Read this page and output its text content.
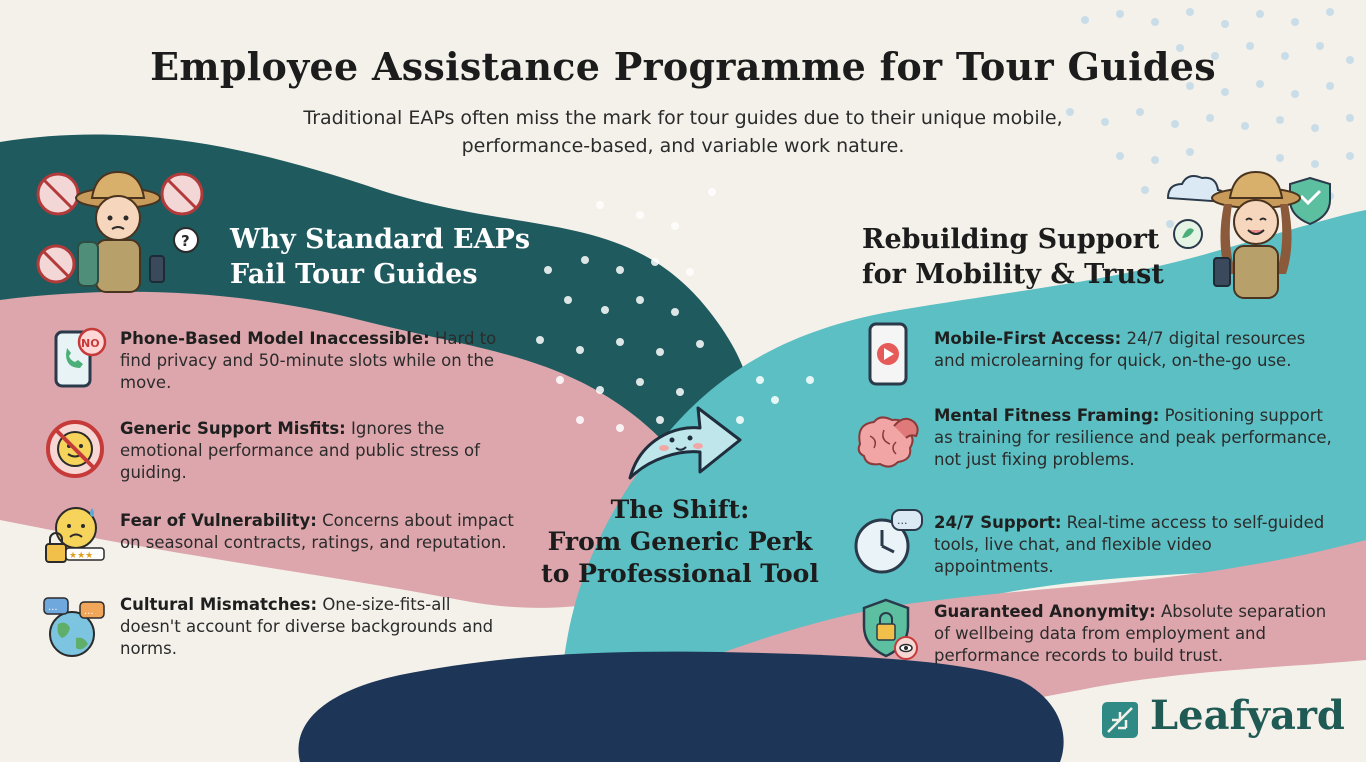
Employee Assistance Programme for Tour Guides

Traditional EAPs often miss the mark for tour guides due to their unique mobile, performance-based, and variable work nature.

? Why Standard EAPs
Fail Tour Guides
NO Phone-Based Model Inaccessible: Hard to find privacy and 50-minute slots while on the move.
Generic Support Misfits: Ignores the emotional performance and public stress of guiding.
★★★
Fear of Vulnerability: Concerns about impact on seasonal contracts, ratings, and reputation.
...	... Cultural Mismatches: One-size-fits-all doesn't account for diverse backgrounds and norms.
The Shift:
From Generic Perk
to Professional Tool
Rebuilding Support
for Mobility & Trust
Mobile-First Access: 24/7 digital resources and microlearning for quick, on-the-go use.
Mental Fitness Framing: Positioning support as training for resilience and peak performance, not just fixing problems.
... 24/7 Support: Real-time access to self-guided tools, live chat, and flexible video appointments.
Guaranteed Anonymity: Absolute separation of wellbeing data from employment and performance records to build trust.
Leafyard
